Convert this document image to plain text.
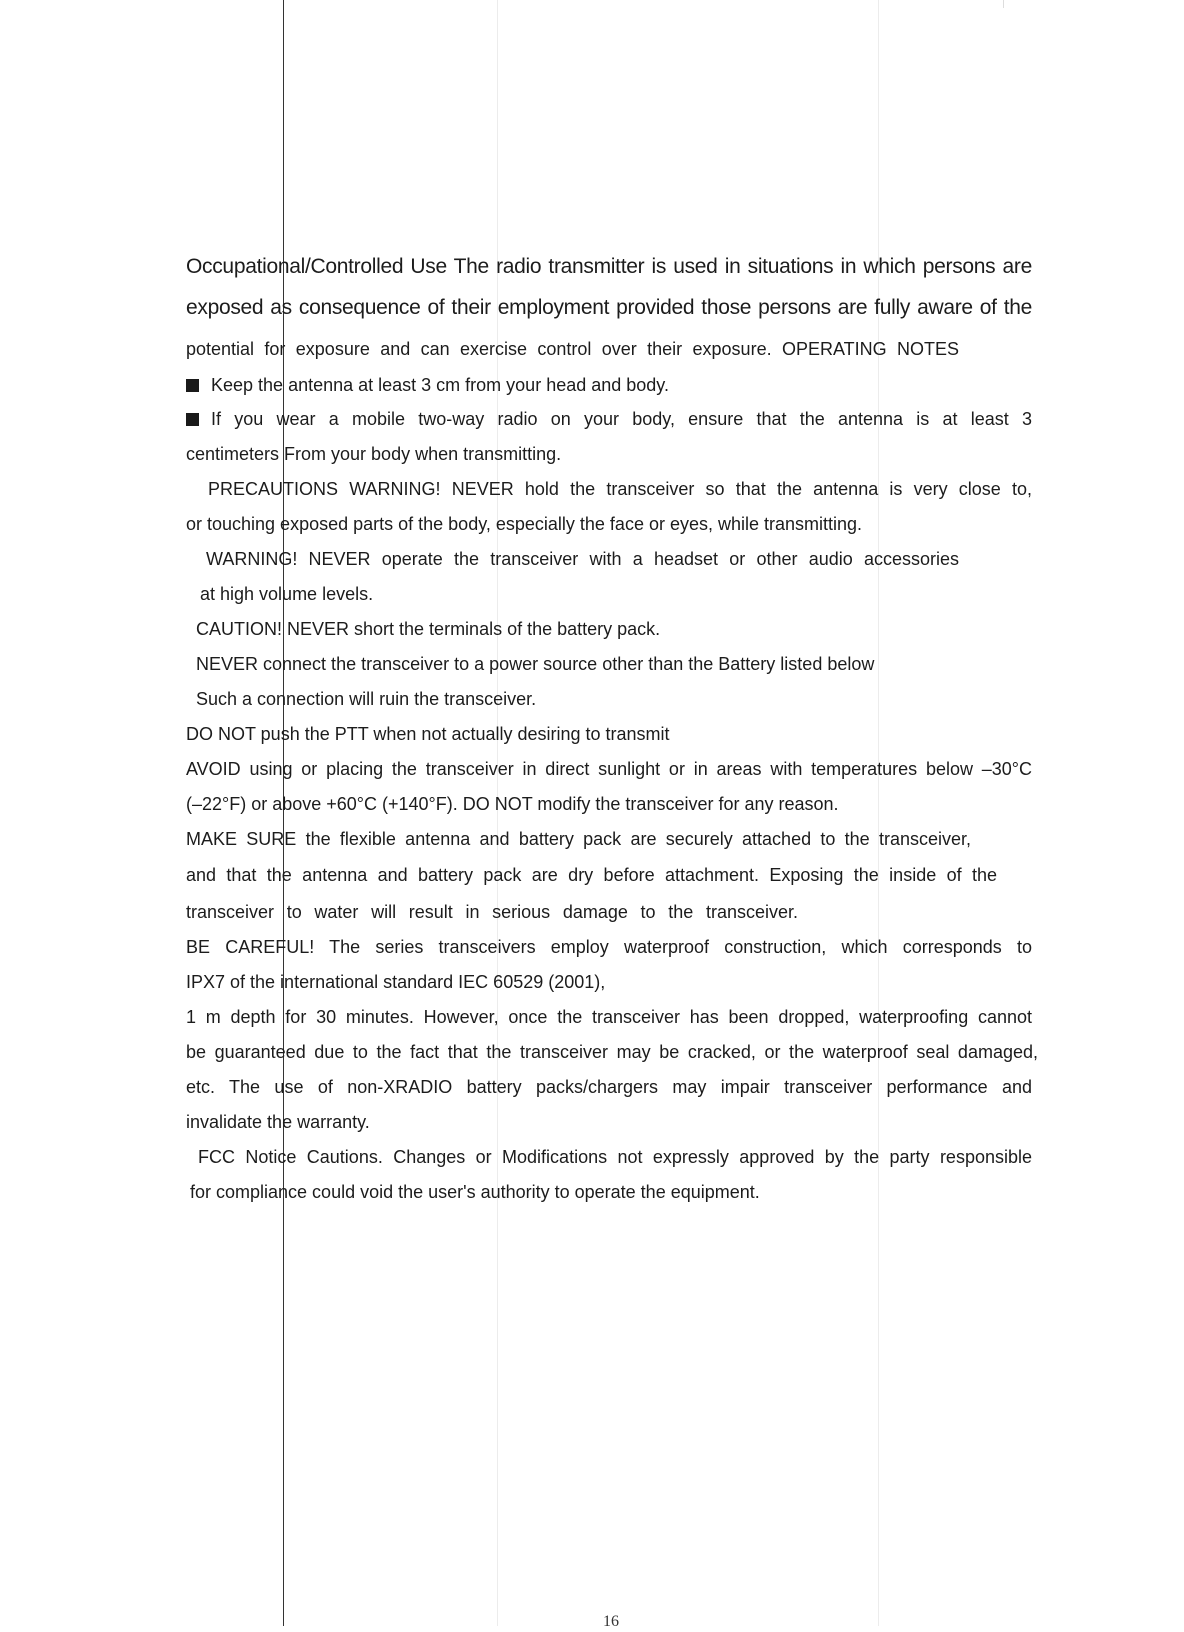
Occupational/Controlled Use The radio transmitter is used in situations in which persons are
exposed as consequence of their employment provided those persons are fully aware of the
potential for exposure and can exercise control over their exposure. OPERATING NOTES
Keep the antenna at least 3 cm from your head and body.
If you wear a mobile two-way radio on your body, ensure that the antenna is at least 3
centimeters From your body when transmitting.
PRECAUTIONS WARNING! NEVER hold the transceiver so that the antenna is very close to,
or touching exposed parts of the body, especially the face or eyes, while transmitting.
WARNING! NEVER operate the transceiver with a headset or other audio accessories
at high volume levels.
CAUTION! NEVER short the terminals of the battery pack.
NEVER connect the transceiver to a power source other than the Battery listed below
Such a connection will ruin the transceiver.
DO NOT push the PTT when not actually desiring to transmit
AVOID using or placing the transceiver in direct sunlight or in areas with temperatures below –30°C
(–22°F) or above +60°C (+140°F). DO NOT modify the transceiver for any reason.
MAKE SURE the flexible antenna and battery pack are securely attached to the transceiver,
and that the antenna and battery pack are dry before attachment. Exposing the inside of the
transceiver to water will result in serious damage to the transceiver.
BE CAREFUL! The series transceivers employ waterproof construction, which corresponds to
IPX7 of the international standard IEC 60529 (2001),
1 m depth for 30 minutes. However, once the transceiver has been dropped, waterproofing cannot
be guaranteed due to the fact that the transceiver may be cracked, or the waterproof seal damaged,
etc. The use of non-XRADIO battery packs/chargers may impair transceiver performance and
invalidate the warranty.
FCC Notice Cautions. Changes or Modifications not expressly approved by the party responsible
for compliance could void the user's authority to operate the equipment.
16
